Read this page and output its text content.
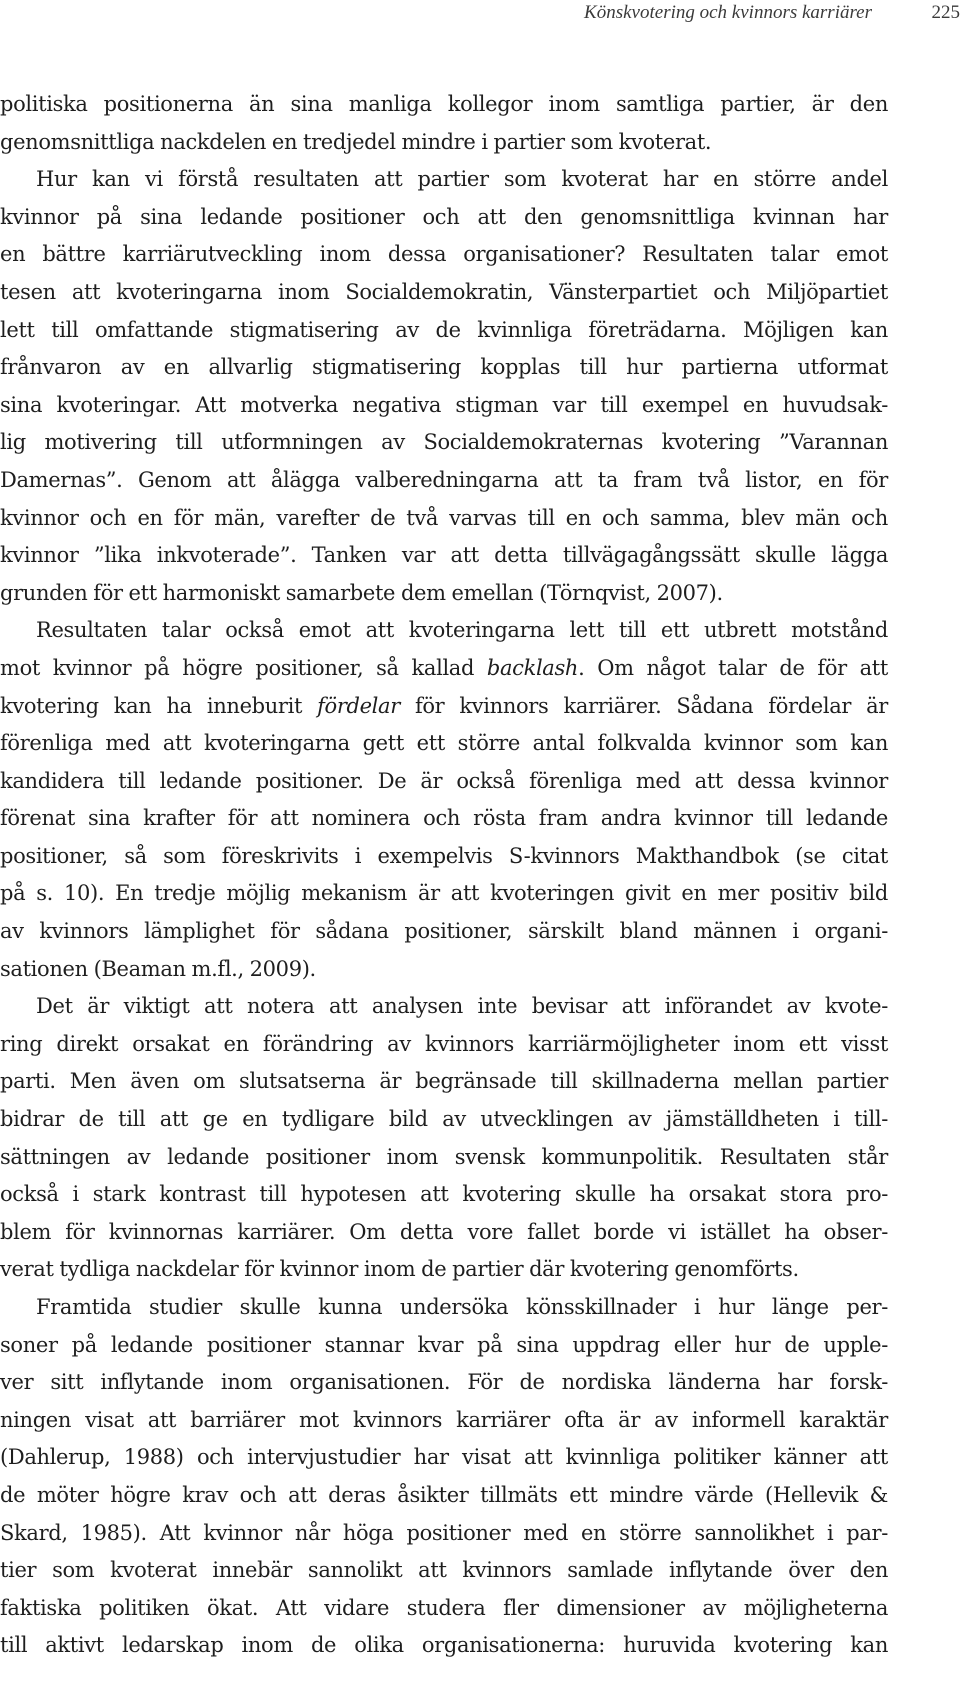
Könskvotering och kvinnors karriärer	225

politiska positionerna än sina manliga kollegor inom samtliga partier, är den
genomsnittliga nackdelen en tredjedel mindre i partier som kvoterat.

Hur kan vi förstå resultaten att partier som kvoterat har en större andel
kvinnor på sina ledande positioner och att den genomsnittliga kvinnan har
en bättre karriärutveckling inom dessa organisationer? Resultaten talar emot
tesen att kvoteringarna inom Socialdemokratin, Vänsterpartiet och Miljöpartiet
lett till omfattande stigmatisering av de kvinnliga företrädarna. Möjligen kan
frånvaron av en allvarlig stigmatisering kopplas till hur partierna utformat
sina kvoteringar. Att motverka negativa stigman var till exempel en huvudsak-
lig motivering till utformningen av Socialdemokraternas kvotering ”Varannan
Damernas”. Genom att ålägga valberedningarna att ta fram två listor, en för
kvinnor och en för män, varefter de två varvas till en och samma, blev män och
kvinnor ”lika inkvoterade”. Tanken var att detta tillvägagångssätt skulle lägga
grunden för ett harmoniskt samarbete dem emellan (Törnqvist, 2007).

Resultaten talar också emot att kvoteringarna lett till ett utbrett motstånd
mot kvinnor på högre positioner, så kallad backlash. Om något talar de för att
kvotering kan ha inneburit fördelar för kvinnors karriärer. Sådana fördelar är
förenliga med att kvoteringarna gett ett större antal folkvalda kvinnor som kan
kandidera till ledande positioner. De är också förenliga med att dessa kvinnor
förenat sina krafter för att nominera och rösta fram andra kvinnor till ledande
positioner, så som föreskrivits i exempelvis S-kvinnors Makthandbok (se citat
på s. 10). En tredje möjlig mekanism är att kvoteringen givit en mer positiv bild
av kvinnors lämplighet för sådana positioner, särskilt bland männen i organi-
sationen (Beaman m.fl., 2009).

Det är viktigt att notera att analysen inte bevisar att införandet av kvote-
ring direkt orsakat en förändring av kvinnors karriärmöjligheter inom ett visst
parti. Men även om slutsatserna är begränsade till skillnaderna mellan partier
bidrar de till att ge en tydligare bild av utvecklingen av jämställdheten i till-
sättningen av ledande positioner inom svensk kommunpolitik. Resultaten står
också i stark kontrast till hypotesen att kvotering skulle ha orsakat stora pro-
blem för kvinnornas karriärer. Om detta vore fallet borde vi istället ha obser-
verat tydliga nackdelar för kvinnor inom de partier där kvotering genomförts.

Framtida studier skulle kunna undersöka könsskillnader i hur länge per-
soner på ledande positioner stannar kvar på sina uppdrag eller hur de upple-
ver sitt inflytande inom organisationen. För de nordiska länderna har forsk-
ningen visat att barriärer mot kvinnors karriärer ofta är av informell karaktär
(Dahlerup, 1988) och intervjustudier har visat att kvinnliga politiker känner att
de möter högre krav och att deras åsikter tillmäts ett mindre värde (Hellevik &
Skard, 1985). Att kvinnor når höga positioner med en större sannolikhet i par-
tier som kvoterat innebär sannolikt att kvinnors samlade inflytande över den
faktiska politiken ökat. Att vidare studera fler dimensioner av möjligheterna
till aktivt ledarskap inom de olika organisationerna: huruvida kvotering kan
